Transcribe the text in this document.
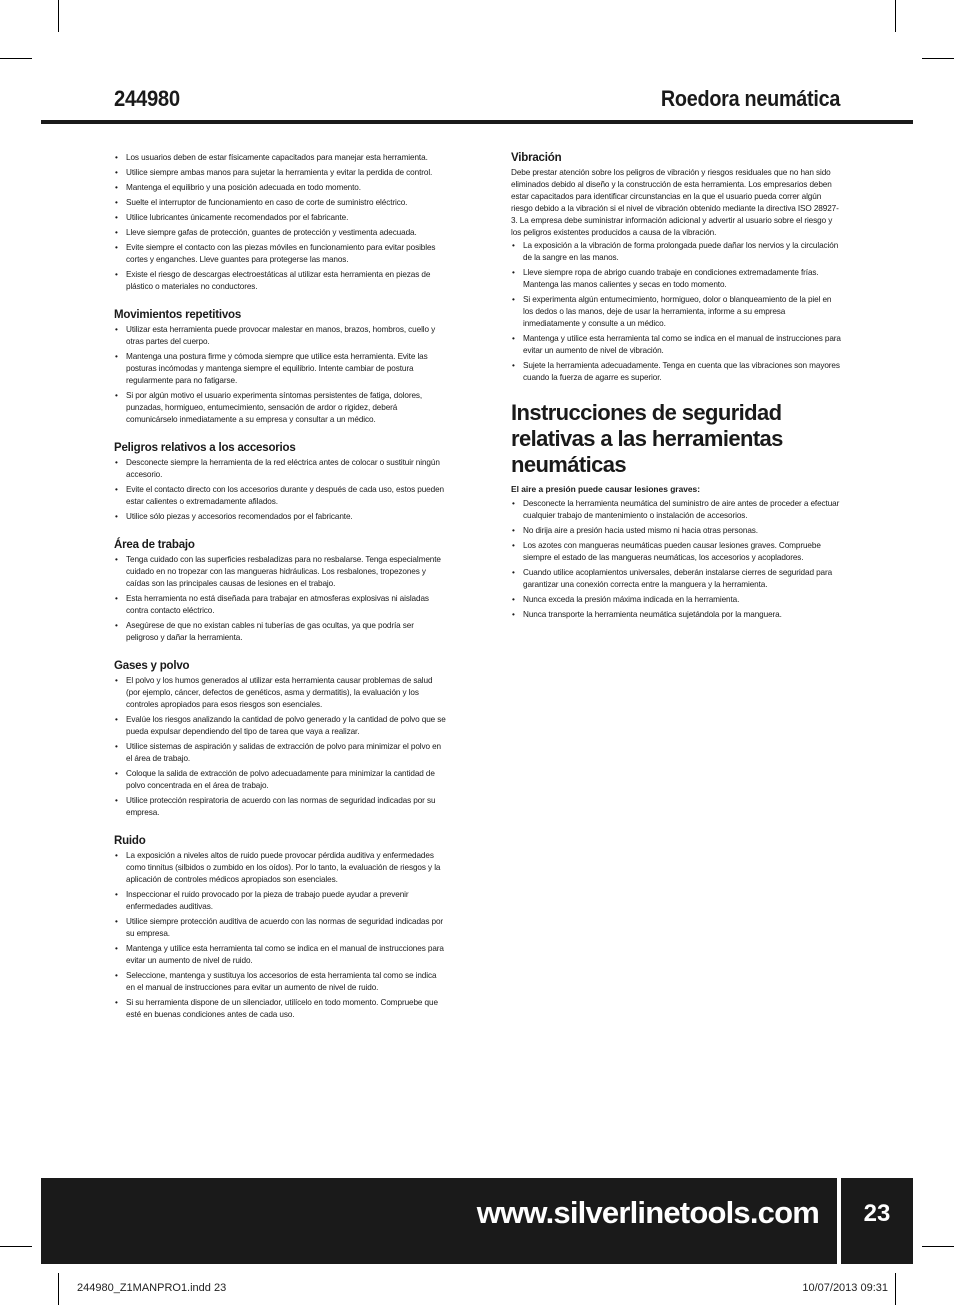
244980	Roedora neumática
• Los usuarios deben de estar físicamente capacitados para manejar esta herramienta.
• Utilice siempre ambas manos para sujetar la herramienta y evitar la perdida de control.
• Mantenga el equilibrio y una posición adecuada en todo momento.
• Suelte el interruptor de funcionamiento en caso de corte de suministro eléctrico.
• Utilice lubricantes únicamente recomendados por el fabricante.
• Lleve siempre gafas de protección, guantes de protección y vestimenta adecuada.
• Evite siempre el contacto con las piezas móviles en funcionamiento para evitar posibles cortes y enganches. Lleve guantes para protegerse las manos.
• Existe el riesgo de descargas electroestáticas al utilizar esta herramienta en piezas de plástico o materiales no conductores.
Movimientos repetitivos
• Utilizar esta herramienta puede provocar malestar en manos, brazos, hombros, cuello y otras partes del cuerpo.
• Mantenga una postura firme y cómoda siempre que utilice esta herramienta. Evite las posturas incómodas y mantenga siempre el equilibrio. Intente cambiar de postura regularmente para no fatigarse.
• Si por algún motivo el usuario experimenta síntomas persistentes de fatiga, dolores, punzadas, hormigueo, entumecimiento, sensación de ardor o rigidez, deberá comunicárselo inmediatamente a su empresa y consultar a un médico.
Peligros relativos a los accesorios
• Desconecte siempre la herramienta de la red eléctrica antes de colocar o sustituir ningún accesorio.
• Evite el contacto directo con los accesorios durante y después de cada uso, estos pueden estar calientes o extremadamente afilados.
• Utilice sólo piezas y accesorios recomendados por el fabricante.
Área de trabajo
• Tenga cuidado con las superficies resbaladizas para no resbalarse. Tenga especialmente cuidado en no tropezar con las mangueras hidráulicas. Los resbalones, tropezones y caídas son las principales causas de lesiones en el trabajo.
• Esta herramienta no está diseñada para trabajar en atmosferas explosivas ni aisladas contra contacto eléctrico.
• Asegúrese de que no existan cables ni tuberías de gas ocultas, ya que podría ser peligroso y dañar la herramienta.
Gases y polvo
• El polvo y los humos generados al utilizar esta herramienta causar problemas de salud (por ejemplo, cáncer, defectos de genéticos, asma y dermatitis), la evaluación y los controles apropiados para esos riesgos son esenciales.
• Evalúe los riesgos analizando la cantidad de polvo generado y la cantidad de polvo que se pueda expulsar dependiendo del tipo de tarea que vaya a realizar.
• Utilice sistemas de aspiración y salidas de extracción de polvo para minimizar el polvo en el área de trabajo.
• Coloque la salida de extracción de polvo adecuadamente para minimizar la cantidad de polvo concentrada en el área de trabajo.
• Utilice protección respiratoria de acuerdo con las normas de seguridad indicadas por su empresa.
Ruido
• La exposición a niveles altos de ruido puede provocar pérdida auditiva y enfermedades como tinnitus (silbidos o zumbido en los oídos). Por lo tanto, la evaluación de riesgos y la aplicación de controles médicos apropiados son esenciales.
• Inspeccionar el ruido provocado por la pieza de trabajo puede ayudar a prevenir enfermedades auditivas.
• Utilice siempre protección auditiva de acuerdo con las normas de seguridad indicadas por su empresa.
• Mantenga y utilice esta herramienta tal como se indica en el manual de instrucciones para evitar un aumento de nivel de ruido.
• Seleccione, mantenga y sustituya los accesorios de esta herramienta tal como se indica en el manual de instrucciones para evitar un aumento de nivel de ruido.
• Si su herramienta dispone de un silenciador, utilícelo en todo momento. Compruebe que esté en buenas condiciones antes de cada uso.
Vibración
Debe prestar atención sobre los peligros de vibración y riesgos residuales que no han sido eliminados debido al diseño y la construcción de esta herramienta. Los empresarios deben estar capacitados para identificar circunstancias en la que el usuario pueda correr algún riesgo debido a la vibración si el nivel de vibración obtenido mediante la directiva ISO 28927-3. La empresa debe suministrar información adicional y advertir al usuario sobre el riesgo y los peligros existentes producidos a causa de la vibración.
• La exposición a la vibración de forma prolongada puede dañar los nervios y la circulación de la sangre en las manos.
• Lleve siempre ropa de abrigo cuando trabaje en condiciones extremadamente frías. Mantenga las manos calientes y secas en todo momento.
• Si experimenta algún entumecimiento, hormigueo, dolor o blanqueamiento de la piel en los dedos o las manos, deje de usar la herramienta, informe a su empresa inmediatamente y consulte a un médico.
• Mantenga y utilice esta herramienta tal como se indica en el manual de instrucciones para evitar un aumento de nivel de vibración.
• Sujete la herramienta adecuadamente. Tenga en cuenta que las vibraciones son mayores cuando la fuerza de agarre es superior.
Instrucciones de seguridad relativas a las herramientas neumáticas
El aire a presión puede causar lesiones graves:
• Desconecte la herramienta neumática del suministro de aire antes de proceder a efectuar cualquier trabajo de mantenimiento o instalación de accesorios.
• No dirija aire a presión hacia usted mismo ni hacia otras personas.
• Los azotes con mangueras neumáticas pueden causar lesiones graves. Compruebe siempre el estado de las mangueras neumáticas, los accesorios y acopladores.
• Cuando utilice acoplamientos universales, deberán instalarse cierres de seguridad para garantizar una conexión correcta entre la manguera y la herramienta.
• Nunca exceda la presión máxima indicada en la herramienta.
• Nunca transporte la herramienta neumática sujetándola por la manguera.
www.silverlinetools.com	23
244980_Z1MANPRO1.indd 23	10/07/2013 09:31
